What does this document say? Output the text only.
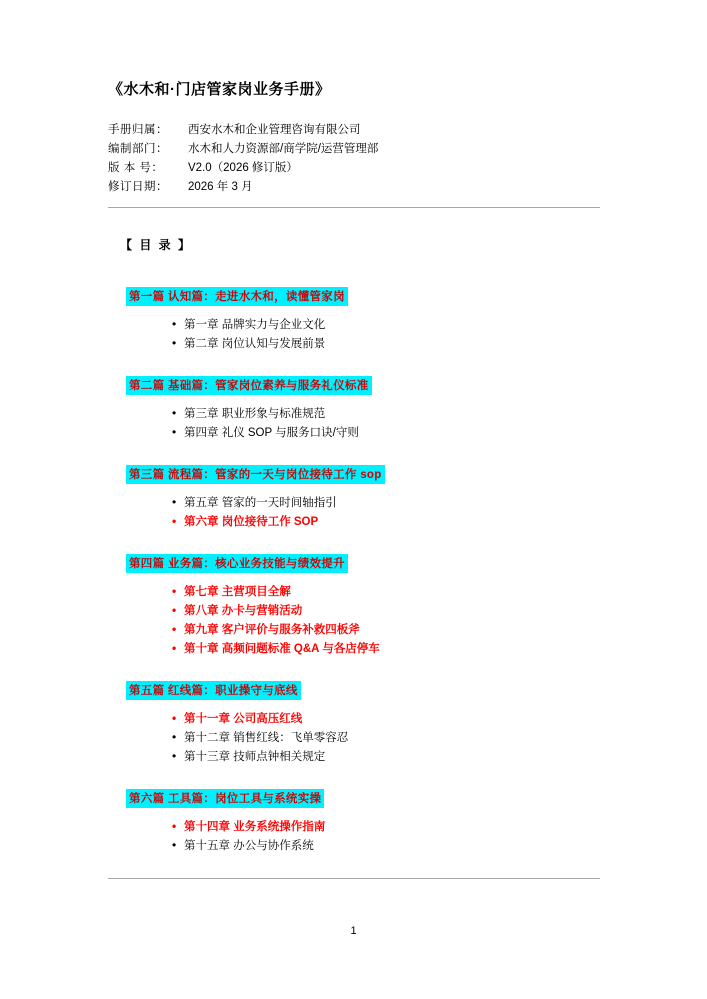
《水木和·门店管家岗业务手册》
手册归属：	西安水木和企业管理咨询有限公司
编制部门：	水木和人力资源部/商学院/运营管理部
版 本 号：	V2.0（2026 修订版）
修订日期：	2026 年 3 月
【 目 录 】
第一篇 认知篇：走进水木和，读懂管家岗
• 第一章 品牌实力与企业文化
• 第二章 岗位认知与发展前景
第二篇 基础篇：管家岗位素养与服务礼仪标准
• 第三章 职业形象与标准规范
• 第四章 礼仪 SOP 与服务口诀/守则
第三篇 流程篇：管家的一天与岗位接待工作 sop
• 第五章 管家的一天时间轴指引
• 第六章 岗位接待工作 SOP
第四篇 业务篇：核心业务技能与绩效提升
• 第七章 主营项目全解
• 第八章 办卡与营销活动
• 第九章 客户评价与服务补救四板斧
• 第十章 高频问题标准 Q&A 与各店停车
第五篇 红线篇：职业操守与底线
• 第十一章 公司高压红线
• 第十二章 销售红线：飞单零容忍
• 第十三章 技师点钟相关规定
第六篇 工具篇：岗位工具与系统实操
• 第十四章 业务系统操作指南
• 第十五章 办公与协作系统
1
